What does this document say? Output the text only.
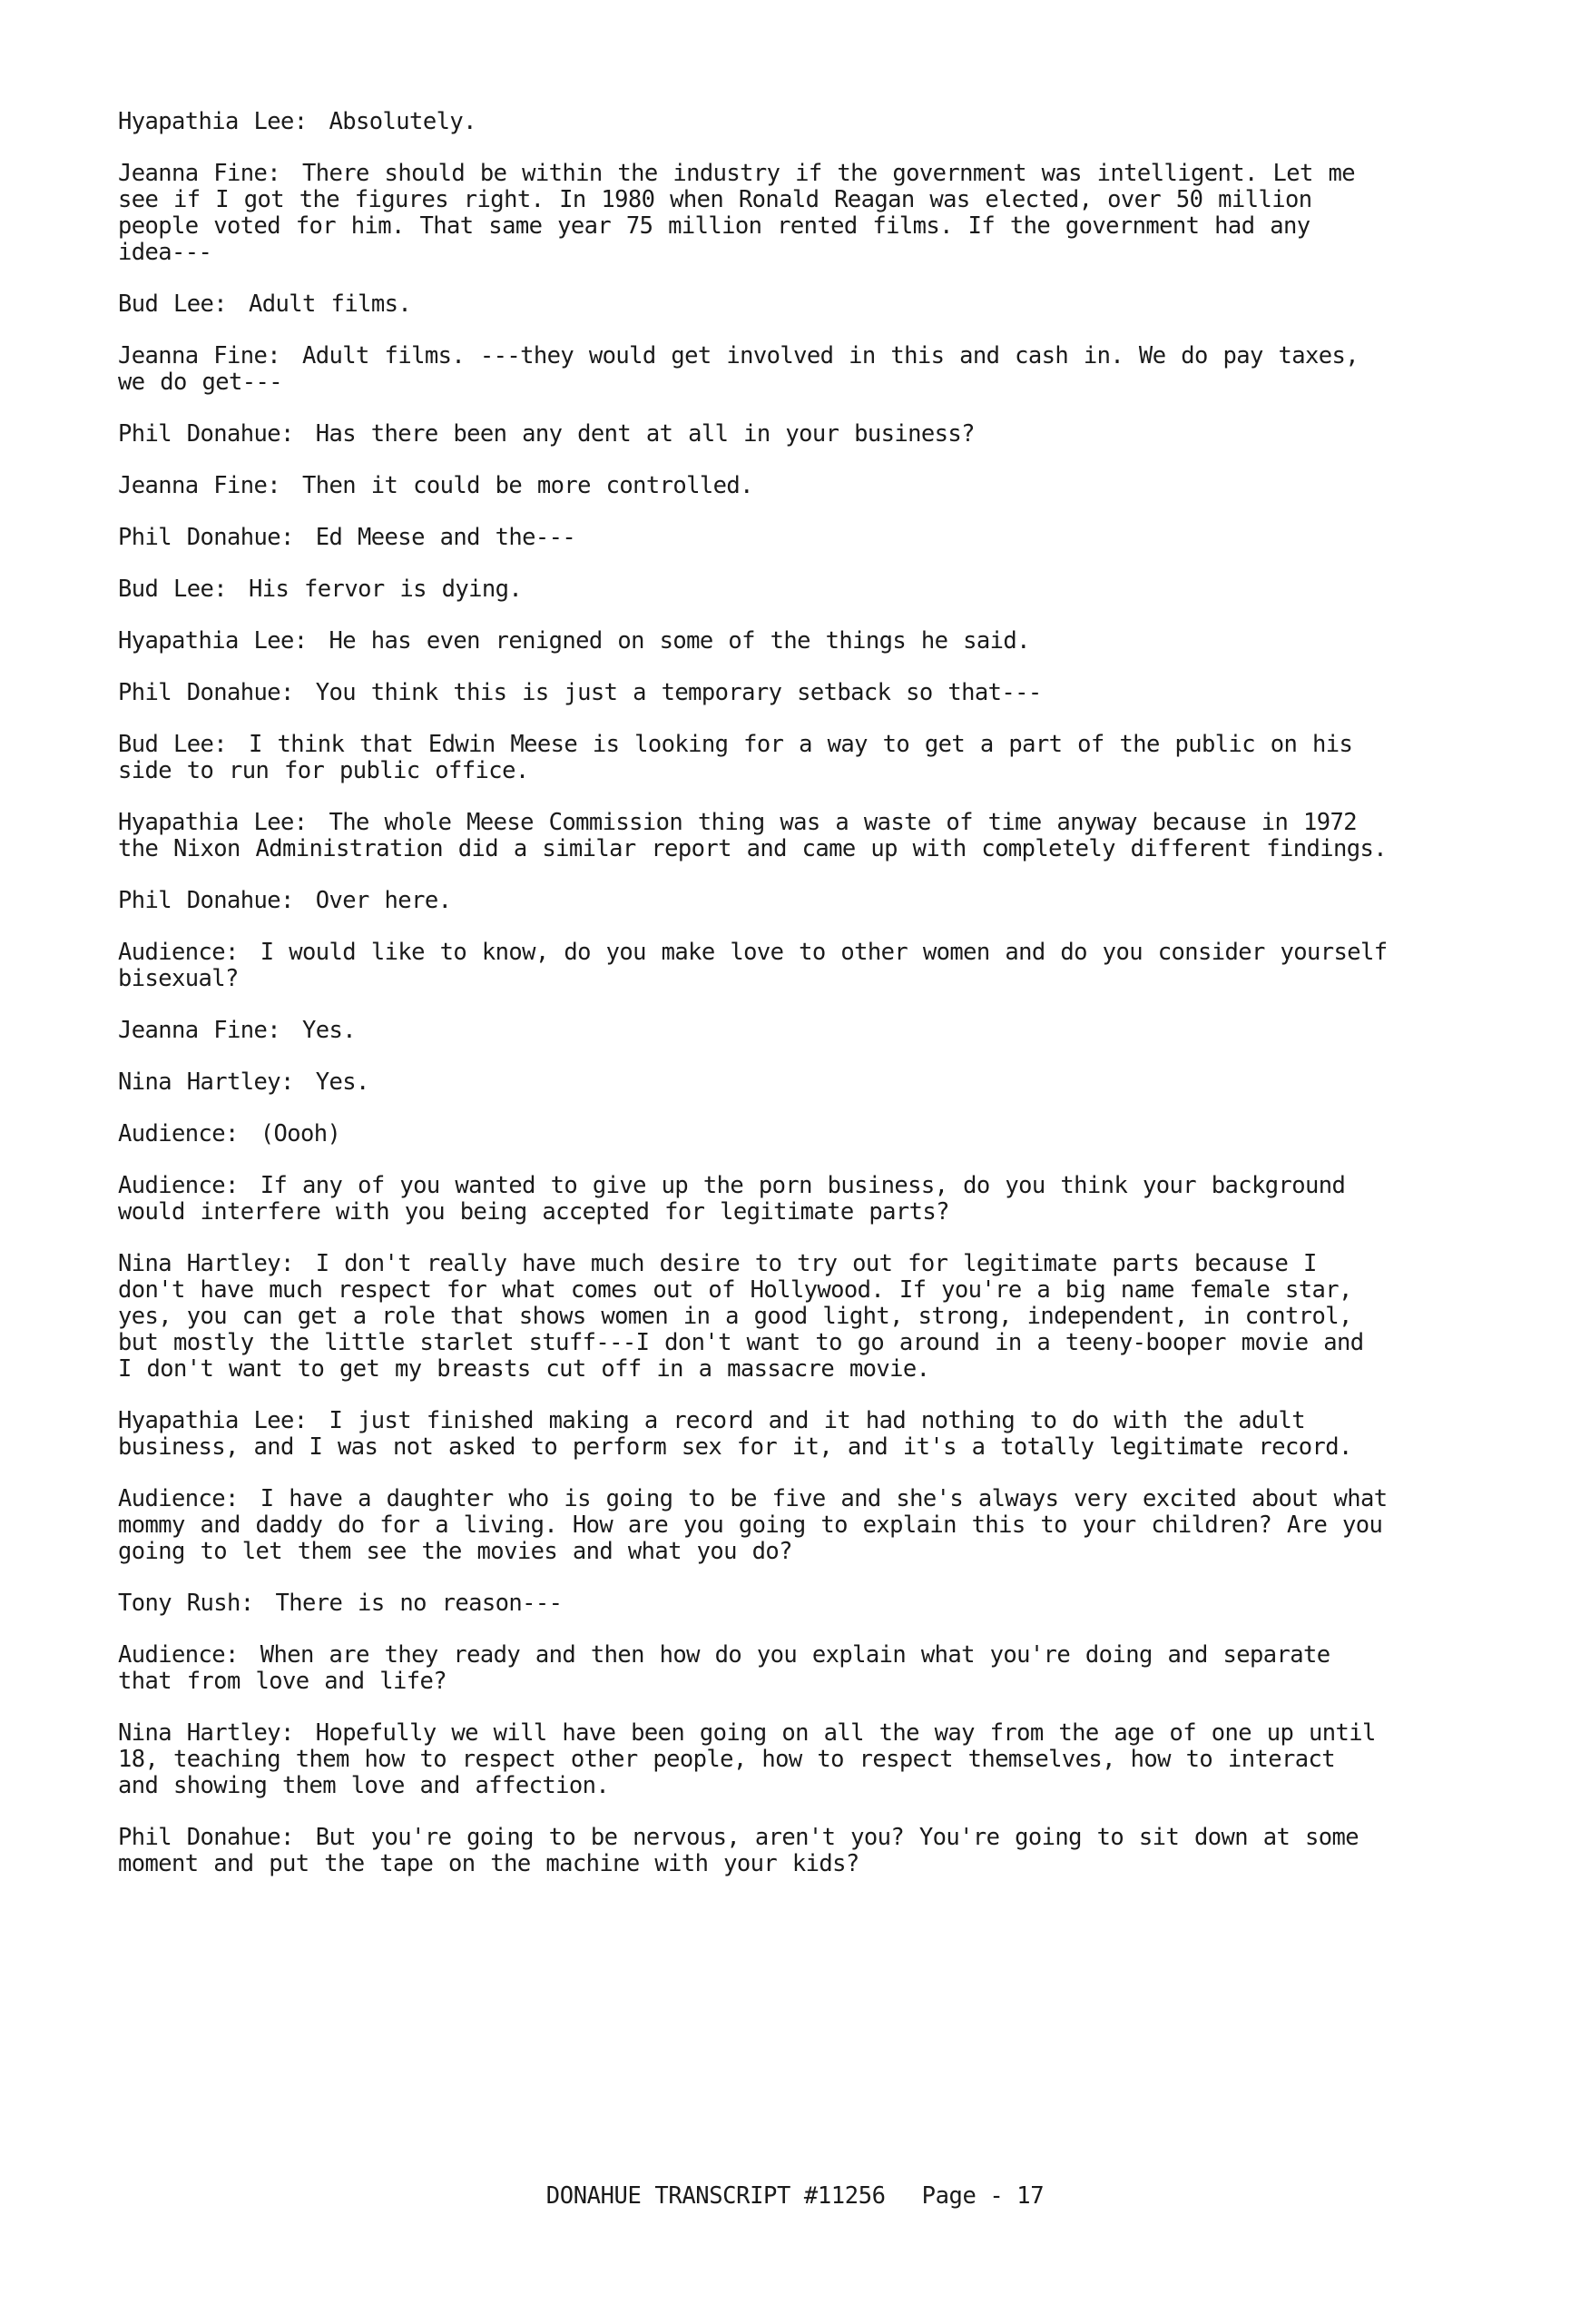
Hyapathia Lee : Absolutely.

Jeanna Fine : There should be within the industry if the government was intelligent. Let me see if I got the figures right. In 1980 when Ronald Reagan was elected, over 50 million people voted for him. That same year 75 million rented films. If the government had any idea---

Bud Lee : Adult films.

Jeanna Fine : Adult films. ---they would get involved in this and cash in. We do pay taxes, we do get---

Phil Donahue : Has there been any dent at all in your business?

Jeanna Fine : Then it could be more controlled.

Phil Donahue : Ed Meese and the---

Bud Lee : His fervor is dying.

Hyapathia Lee : He has even renigned on some of the things he said.

Phil Donahue : You think this is just a temporary setback so that---

Bud Lee : I think that Edwin Meese is looking for a way to get a part of the public on his side to run for public office.

Hyapathia Lee : The whole Meese Commission thing was a waste of time anyway because in 1972 the Nixon Administration did a similar report and came up with completely different findings.

Phil Donahue : Over here.

Audience : I would like to know, do you make love to other women and do you consider yourself bisexual?

Jeanna Fine : Yes.

Nina Hartley : Yes.

Audience : (Oooh)

Audience : If any of you wanted to give up the porn business, do you think your background would interfere with you being accepted for legitimate parts?

Nina Hartley : I don't really have much desire to try out for legitimate parts because I don't have much respect for what comes out of Hollywood. If you're a big name female star, yes, you can get a role that shows women in a good light, strong, independent, in control, but mostly the little starlet stuff---I don't want to go around in a teeny-booper movie and I don't want to get my breasts cut off in a massacre movie.

Hyapathia Lee : I just finished making a record and it had nothing to do with the adult business, and I was not asked to perform sex for it, and it's a totally legitimate record.

Audience : I have a daughter who is going to be five and she's always very excited about what mommy and daddy do for a living. How are you going to explain this to your children? Are you going to let them see the movies and what you do?

Tony Rush : There is no reason---

Audience : When are they ready and then how do you explain what you're doing and separate that from love and life?

Nina Hartley : Hopefully we will have been going on all the way from the age of one up until 18, teaching them how to respect other people, how to respect themselves, how to interact and showing them love and affection.

Phil Donahue : But you're going to be nervous, aren't you? You're going to sit down at some moment and put the tape on the machine with your kids?

DONAHUE TRANSCRIPT #11256 Page - 17
